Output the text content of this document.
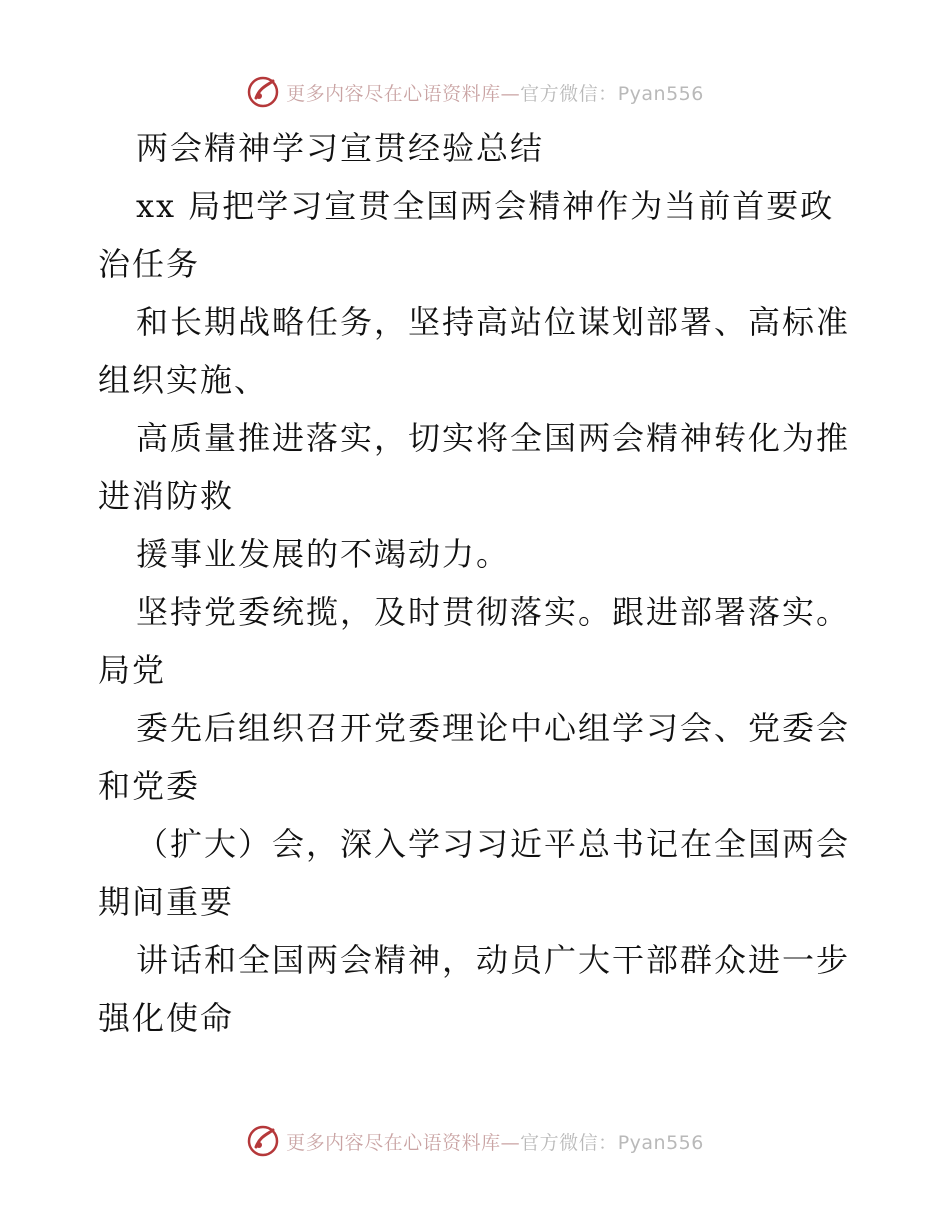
更多内容尽在心语资料库—官方微信：Pyan556

两会精神学习宣贯经验总结

xx 局把学习宣贯全国两会精神作为当前首要政

治任务

和长期战略任务，坚持高站位谋划部署、高标准

组织实施、

高质量推进落实，切实将全国两会精神转化为推

进消防救

援事业发展的不竭动力。

坚持党委统揽，及时贯彻落实。跟进部署落实。

局党

委先后组织召开党委理论中心组学习会、党委会

和党委

（扩大）会，深入学习习近平总书记在全国两会

期间重要

讲话和全国两会精神，动员广大干部群众进一步

强化使命

更多内容尽在心语资料库—官方微信：Pyan556
